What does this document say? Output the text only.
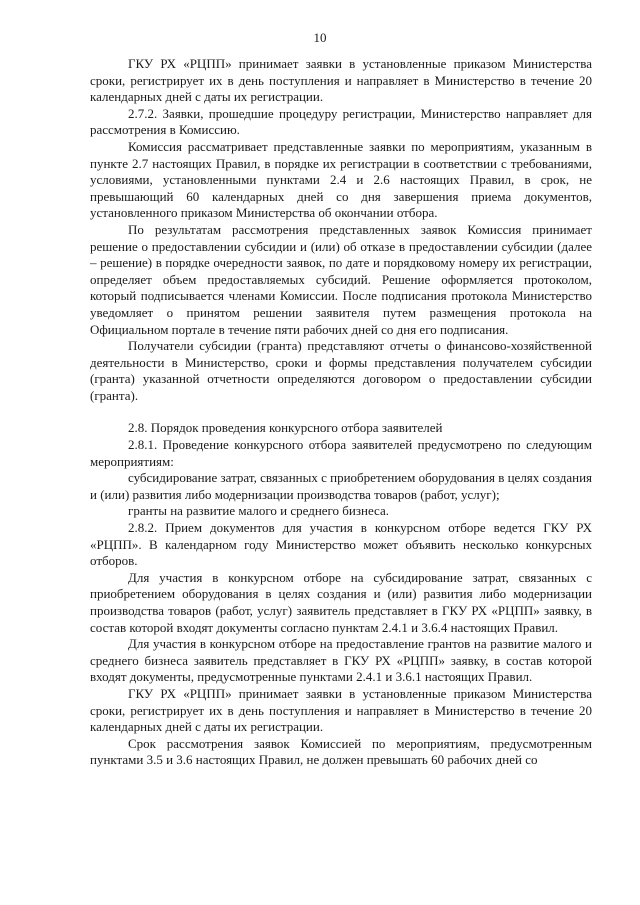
10

ГКУ РХ «РЦПП» принимает заявки в установленные приказом Министерства сроки, регистрирует их в день поступления и направляет в Министерство в течение 20 календарных дней с даты их регистрации.

2.7.2. Заявки, прошедшие процедуру регистрации, Министерство направляет для рассмотрения в Комиссию.

Комиссия рассматривает представленные заявки по мероприятиям, указанным в пункте 2.7 настоящих Правил, в порядке их регистрации в соответствии с требованиями, условиями, установленными пунктами 2.4 и 2.6 настоящих Правил, в срок, не превышающий 60 календарных дней со дня завершения приема документов, установленного приказом Министерства об окончании отбора.

По результатам рассмотрения представленных заявок Комиссия принимает решение о предоставлении субсидии и (или) об отказе в предоставлении субсидии (далее – решение) в порядке очередности заявок, по дате и порядковому номеру их регистрации, определяет объем предоставляемых субсидий. Решение оформляется протоколом, который подписывается членами Комиссии. После подписания протокола Министерство уведомляет о принятом решении заявителя путем размещения протокола на Официальном портале в течение пяти рабочих дней со дня его подписания.

Получатели субсидии (гранта) представляют отчеты о финансово-хозяйственной деятельности в Министерство, сроки и формы представления получателем субсидии (гранта) указанной отчетности определяются договором о предоставлении субсидии (гранта).

2.8. Порядок проведения конкурсного отбора заявителей

2.8.1. Проведение конкурсного отбора заявителей предусмотрено по следующим мероприятиям:

субсидирование затрат, связанных с приобретением оборудования в целях создания и (или) развития либо модернизации производства товаров (работ, услуг);

гранты на развитие малого и среднего бизнеса.

2.8.2. Прием документов для участия в конкурсном отборе ведется ГКУ РХ «РЦПП». В календарном году Министерство может объявить несколько конкурсных отборов.

Для участия в конкурсном отборе на субсидирование затрат, связанных с приобретением оборудования в целях создания и (или) развития либо модернизации производства товаров (работ, услуг) заявитель представляет в ГКУ РХ «РЦПП» заявку, в состав которой входят документы согласно пунктам 2.4.1 и 3.6.4 настоящих Правил.

Для участия в конкурсном отборе на предоставление грантов на развитие малого и среднего бизнеса заявитель представляет в ГКУ РХ «РЦПП» заявку, в состав которой входят документы, предусмотренные пунктами 2.4.1 и 3.6.1 настоящих Правил.

ГКУ РХ «РЦПП» принимает заявки в установленные приказом Министерства сроки, регистрирует их в день поступления и направляет в Министерство в течение 20 календарных дней с даты их регистрации.

Срок рассмотрения заявок Комиссией по мероприятиям, предусмотренным пунктами 3.5 и 3.6 настоящих Правил, не должен превышать 60 рабочих дней со
